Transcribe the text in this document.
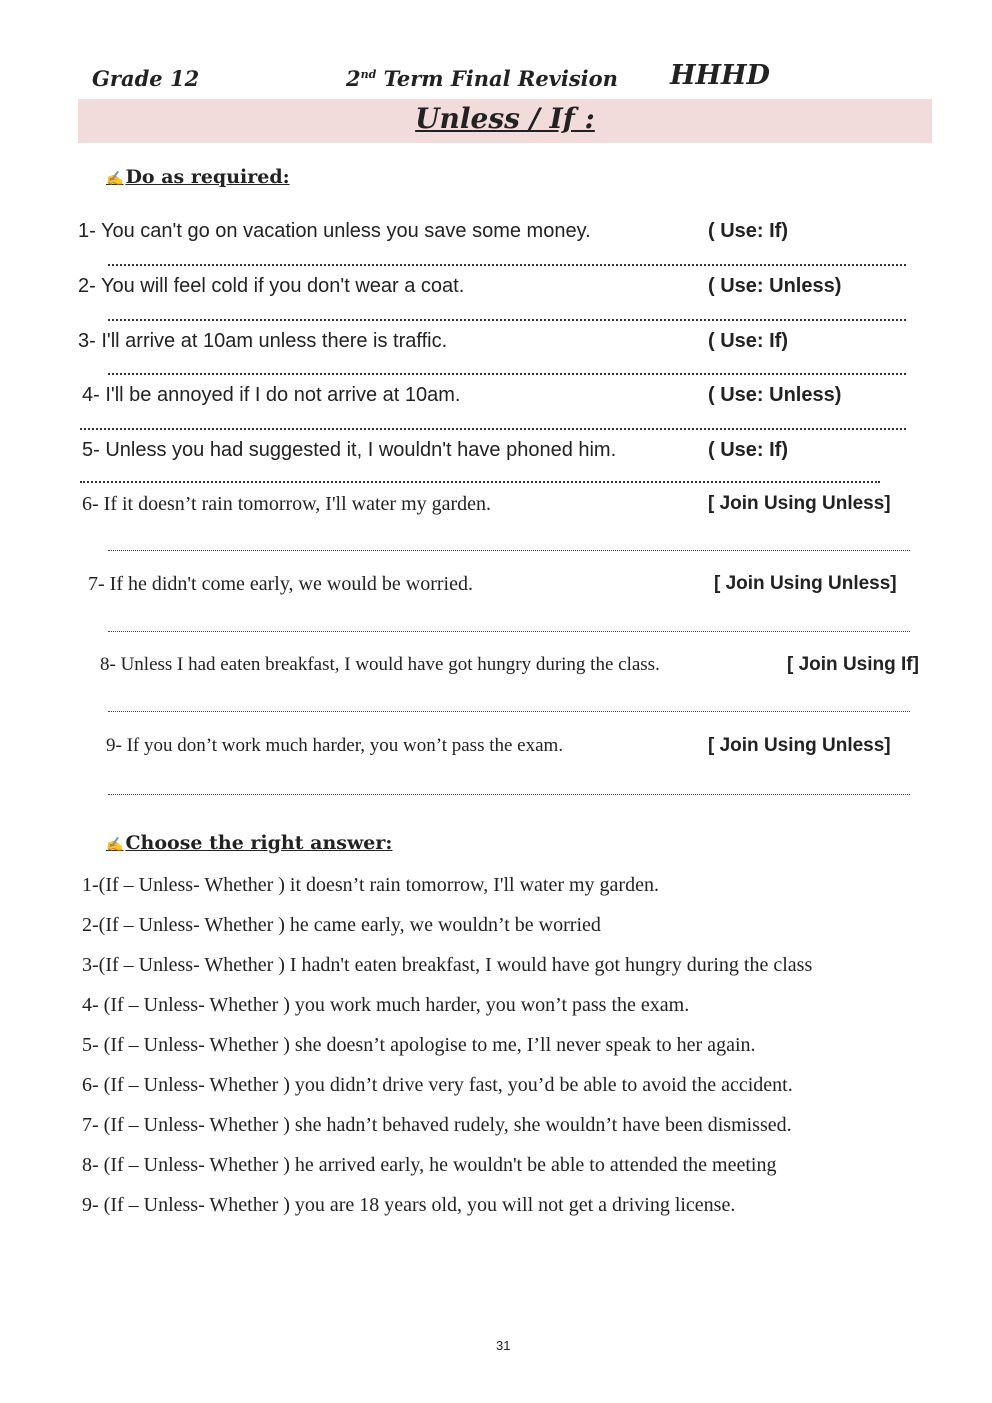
Grade 12	2nd Term Final Revision HHHD
Unless / If :
✍ Do as required:
1- You can't go on vacation unless you save some money.	( Use: If)
2- You will feel cold if you don't wear a coat.	( Use: Unless)
3- I'll arrive at 10am unless there is traffic.	( Use: If)
4- I'll be annoyed if I do not arrive at 10am.	( Use: Unless)
5- Unless you had suggested it, I wouldn't have phoned him.	( Use: If)
6- If it doesn’t rain tomorrow, I'll water my garden.	[ Join Using Unless]
7- If he didn't come early, we would be worried.	[ Join Using Unless]
8- Unless I had eaten breakfast, I would have got hungry during the class.	[ Join Using If]
9- If you don’t work much harder, you won’t pass the exam.	[ Join Using Unless]
✍ Choose the right answer:
1-(If – Unless- Whether ) it doesn’t rain tomorrow, I'll water my garden.
2-(If – Unless- Whether ) he came early, we wouldn’t be worried
3-(If – Unless- Whether ) I hadn't eaten breakfast, I would have got hungry during the class
4- (If – Unless- Whether ) you work much harder, you won’t pass the exam.
5- (If – Unless- Whether ) she doesn’t apologise to me, I’ll never speak to her again.
6- (If – Unless- Whether ) you didn’t drive very fast, you’d be able to avoid the accident.
7- (If – Unless- Whether ) she hadn’t behaved rudely, she wouldn’t have been dismissed.
8- (If – Unless- Whether ) he arrived early, he wouldn't be able to attended the meeting
9- (If – Unless- Whether ) you are 18 years old, you will not get a driving license.
31
